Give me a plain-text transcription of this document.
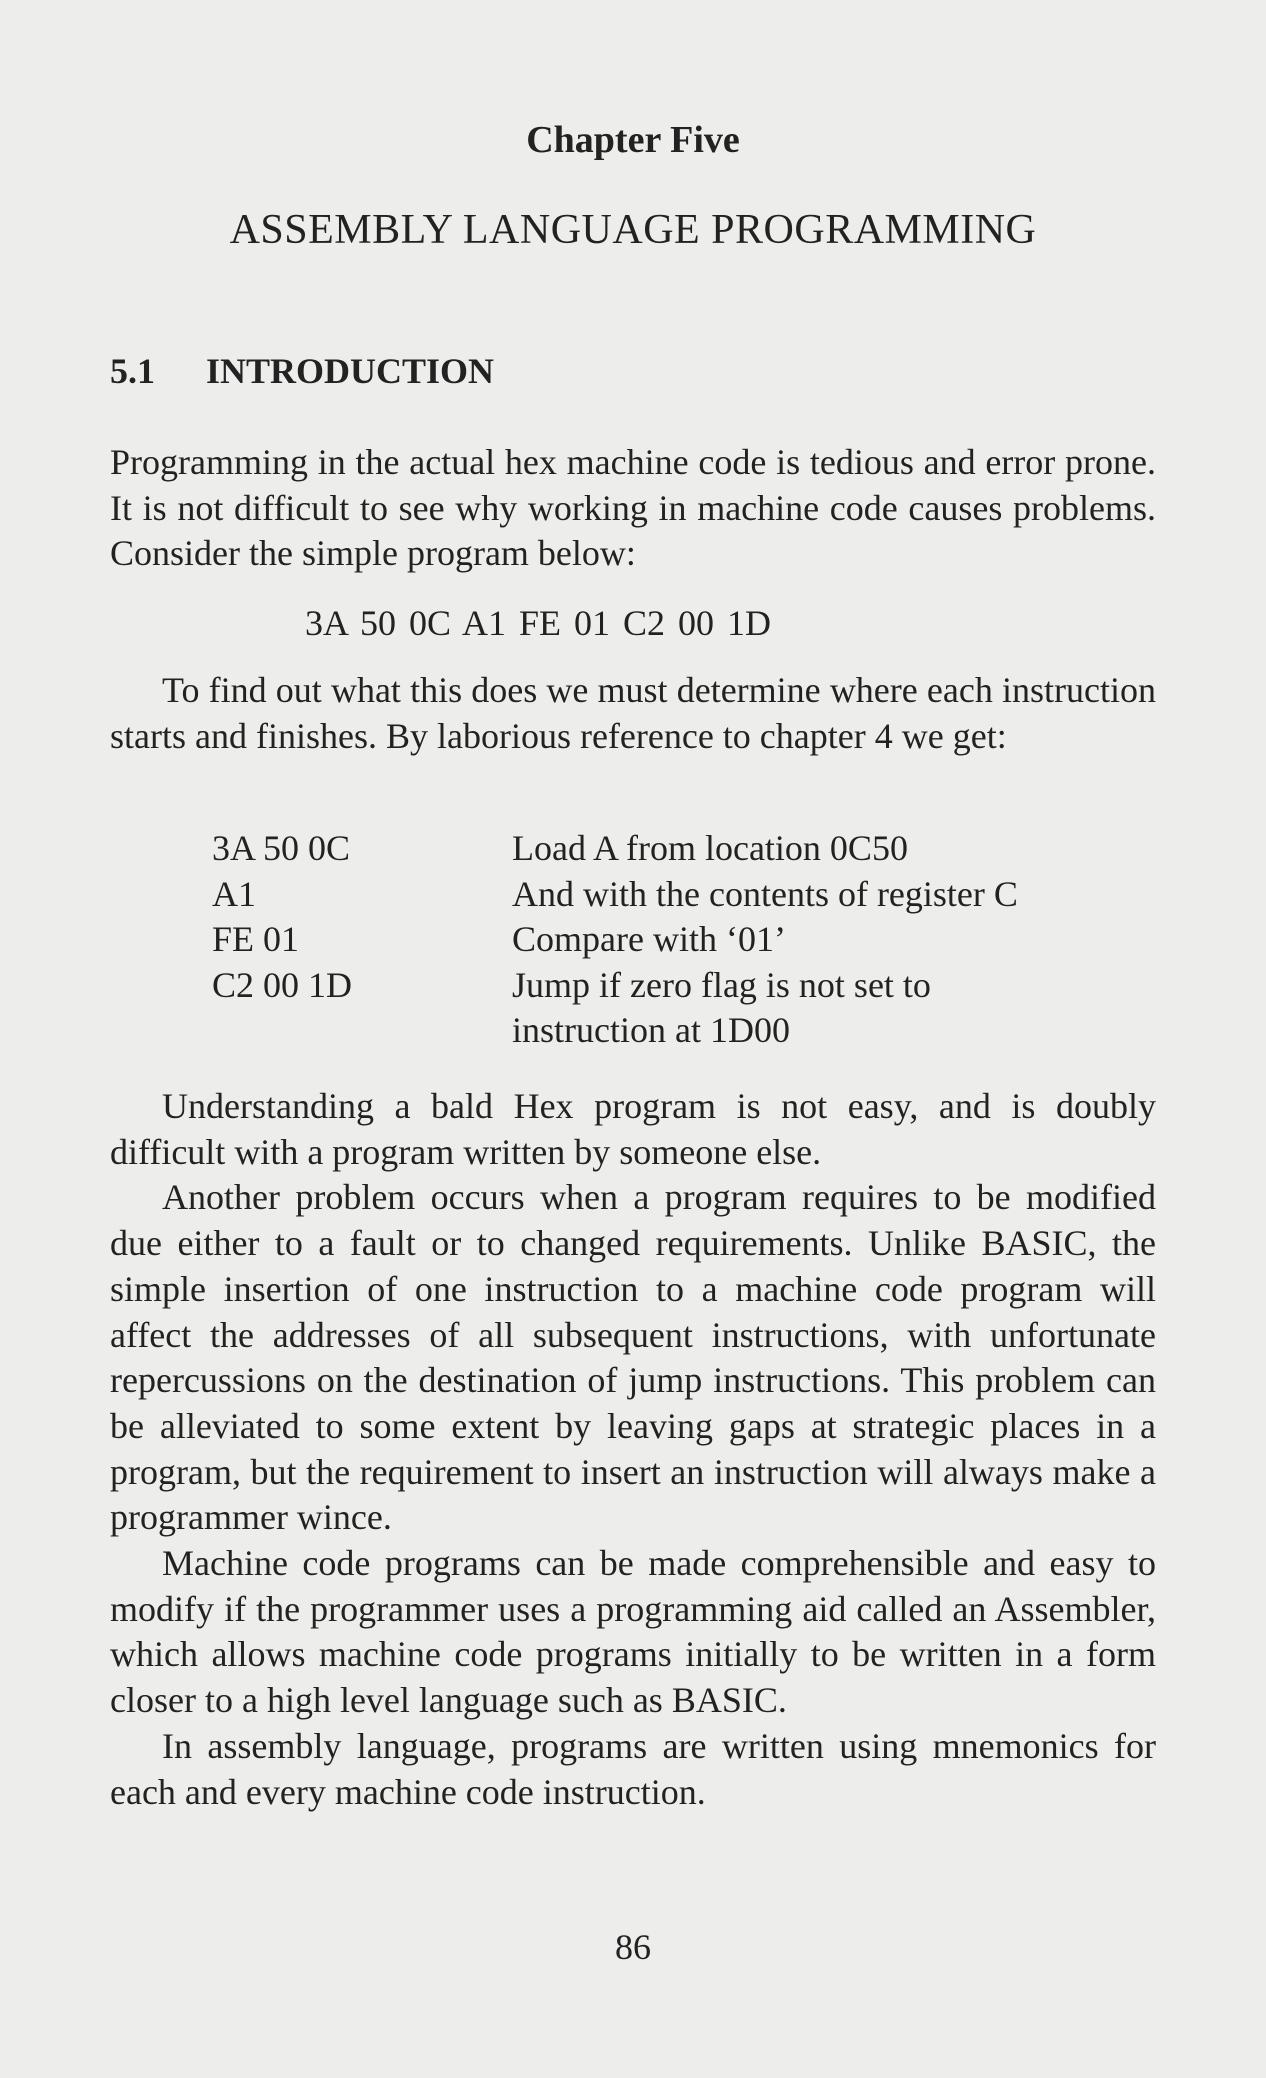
Chapter Five
ASSEMBLY LANGUAGE PROGRAMMING
5.1 INTRODUCTION

Programming in the actual hex machine code is tedious and error prone. It is not difficult to see why working in machine code causes problems. Consider the simple program below:

3A 50 0C A1 FE 01 C2 00 1D

To find out what this does we must determine where each instruction starts and finishes. By laborious reference to chapter 4 we get:

3A 50 0C	Load A from location 0C50
A1	And with the contents of register C
FE 01	Compare with ‘01’
C2 00 1D	Jump if zero flag is not set to
instruction at 1D00

Understanding a bald Hex program is not easy, and is doubly difficult with a program written by someone else.

Another problem occurs when a program requires to be modified due either to a fault or to changed requirements. Unlike BASIC, the simple insertion of one instruction to a machine code program will affect the addresses of all subsequent instructions, with unfortunate repercussions on the destination of jump instructions. This problem can be alleviated to some extent by leaving gaps at strategic places in a program, but the requirement to insert an instruction will always make a programmer wince.

Machine code programs can be made comprehensible and easy to modify if the programmer uses a programming aid called an Assembler, which allows machine code programs initially to be written in a form closer to a high level language such as BASIC.

In assembly language, programs are written using mnemonics for each and every machine code instruction.

86
